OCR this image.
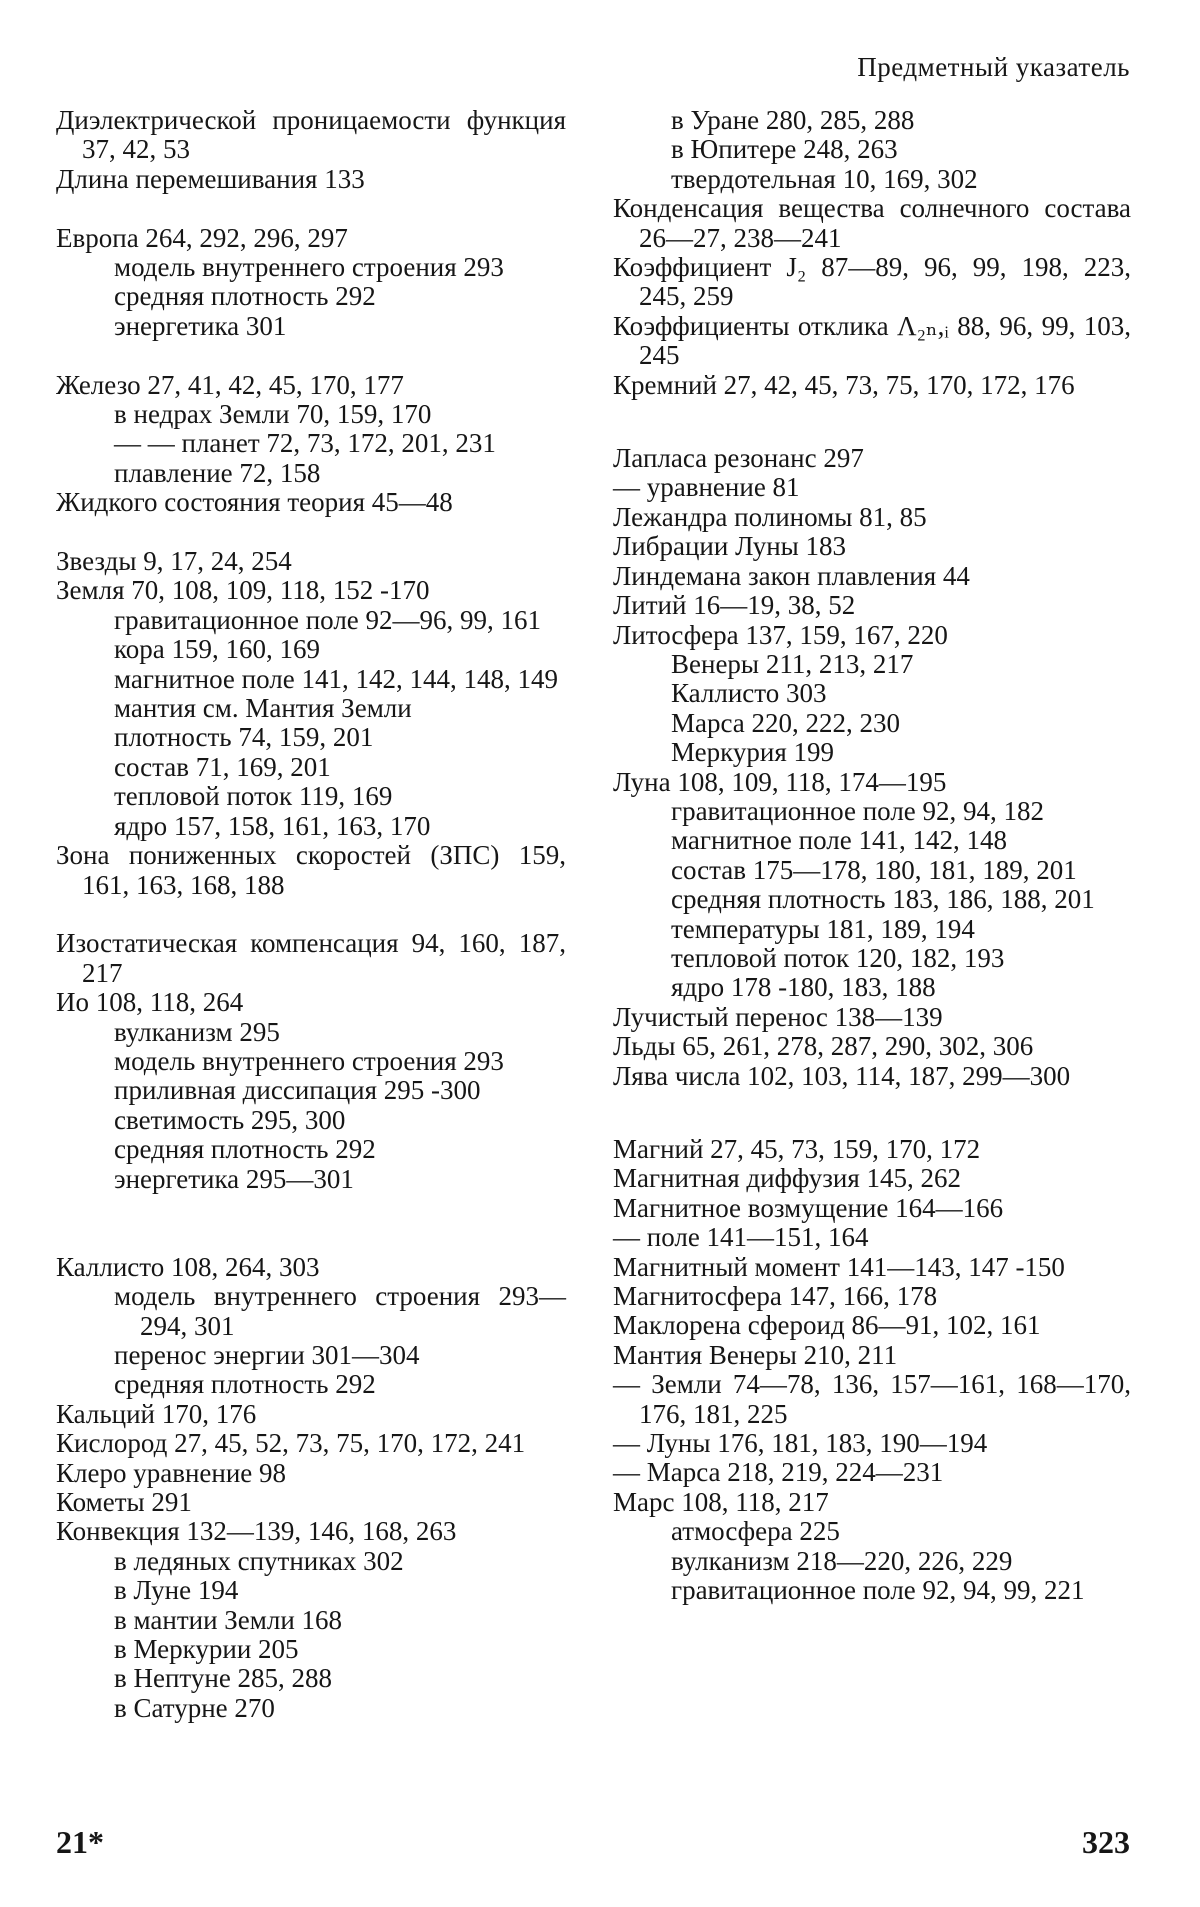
Предметный указатель
Диэлектрической проницаемости функция 37, 42, 53
Длина перемешивания 133
Европа 264, 292, 296, 297
модель внутреннего строения 293
средняя плотность 292
энергетика 301
Железо 27, 41, 42, 45, 170, 177
в недрах Земли 70, 159, 170
— — планет 72, 73, 172, 201, 231
плавление 72, 158
Жидкого состояния теория 45—48
Звезды 9, 17, 24, 254
Земля 70, 108, 109, 118, 152 -170
гравитационное поле 92—96, 99, 161
кора 159, 160, 169
магнитное поле 141, 142, 144, 148, 149
мантия см. Мантия Земли
плотность 74, 159, 201
состав 71, 169, 201
тепловой поток 119, 169
ядро 157, 158, 161, 163, 170
Зона пониженных скоростей (ЗПС) 159, 161, 163, 168, 188
Изостатическая компенсация 94, 160, 187, 217
Ио 108, 118, 264
вулканизм 295
модель внутреннего строения 293
приливная диссипация 295 -300
светимость 295, 300
средняя плотность 292
энергетика 295—301
Каллисто 108, 264, 303
модель внутреннего строения 293—294, 301
перенос энергии 301—304
средняя плотность 292
Кальций 170, 176
Кислород 27, 45, 52, 73, 75, 170, 172, 241
Клеро уравнение 98
Кометы 291
Конвекция 132—139, 146, 168, 263
в ледяных спутниках 302
в Луне 194
в мантии Земли 168
в Меркурии 205
в Нептуне 285, 288
в Сатурне 270
в Уране 280, 285, 288
в Юпитере 248, 263
твердотельная 10, 169, 302
Конденсация вещества солнечного состава 26—27, 238—241
Коэффициент J₂ 87—89, 96, 99, 198, 223, 245, 259
Коэффициенты отклика Λ₂ₙ,ᵢ 88, 96, 99, 103, 245
Кремний 27, 42, 45, 73, 75, 170, 172, 176
Лапласа резонанс 297
— уравнение 81
Лежандра полиномы 81, 85
Либрации Луны 183
Линдемана закон плавления 44
Литий 16—19, 38, 52
Литосфера 137, 159, 167, 220
Венеры 211, 213, 217
Каллисто 303
Марса 220, 222, 230
Меркурия 199
Луна 108, 109, 118, 174—195
гравитационное поле 92, 94, 182
магнитное поле 141, 142, 148
состав 175—178, 180, 181, 189, 201
средняя плотность 183, 186, 188, 201
температуры 181, 189, 194
тепловой поток 120, 182, 193
ядро 178 -180, 183, 188
Лучистый перенос 138—139
Льды 65, 261, 278, 287, 290, 302, 306
Лява числа 102, 103, 114, 187, 299—300
Магний 27, 45, 73, 159, 170, 172
Магнитная диффузия 145, 262
Магнитное возмущение 164—166
— поле 141—151, 164
Магнитный момент 141—143, 147 -150
Магнитосфера 147, 166, 178
Маклорена сфероид 86—91, 102, 161
Мантия Венеры 210, 211
— Земли 74—78, 136, 157—161, 168—170, 176, 181, 225
— Луны 176, 181, 183, 190—194
— Марса 218, 219, 224—231
Марс 108, 118, 217
атмосфера 225
вулканизм 218—220, 226, 229
гравитационное поле 92, 94, 99, 221
21*	323
